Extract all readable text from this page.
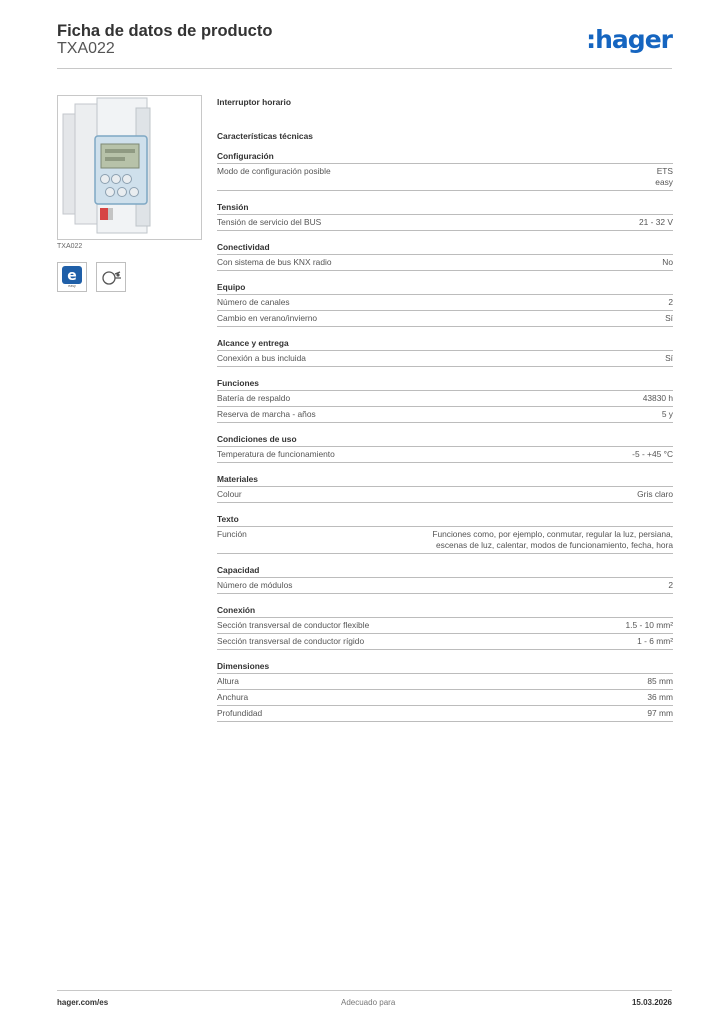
Ficha de datos de producto
TXA022	:hager
TXA022
e
easy
Interruptor horario
Características técnicas
Configuración
Modo de configuración posible	ETS
easy
Tensión
Tensión de servicio del BUS	21 - 32 V
Conectividad
Con sistema de bus KNX radio	No
Equipo
Número de canales	2
Cambio en verano/invierno	Sí
Alcance y entrega
Conexión a bus incluida	Sí
Funciones
Batería de respaldo	43830 h
Reserva de marcha - años	5 y
Condiciones de uso
Temperatura de funcionamiento	-5 - +45 °C
Materiales
Colour	Gris claro
Texto
Función	Funciones como, por ejemplo, conmutar, regular la luz, persiana,
escenas de luz, calentar, modos de funcionamiento, fecha, hora
Capacidad
Número de módulos	2
Conexión
Sección transversal de conductor flexible	1.5 - 10 mm²
Sección transversal de conductor rígido	1 - 6 mm²
Dimensiones
Altura	85 mm
Anchura	36 mm
Profundidad	97 mm
hager.com/es	Adecuado para	15.03.2026
